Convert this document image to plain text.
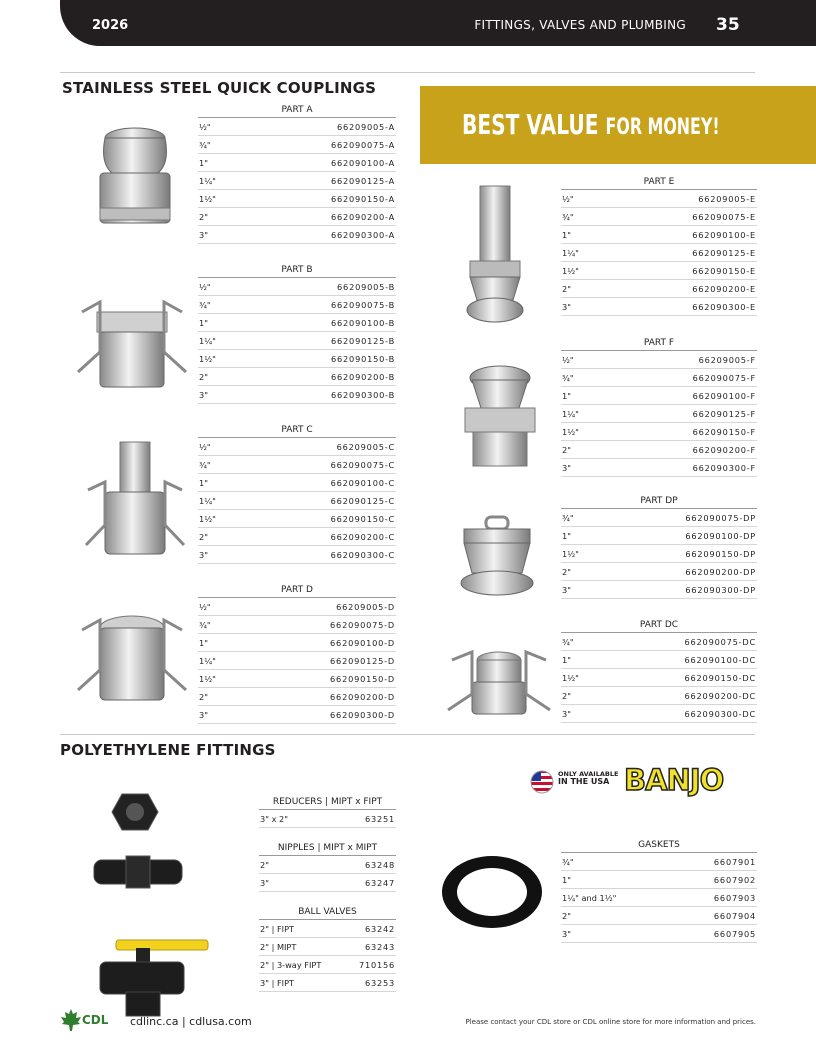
2026	FITTINGS, VALVES AND PLUMBING 35
STAINLESS STEEL QUICK COUPLINGS
BEST VALUE FOR MONEY!
PART A
½"	66209005-A
¾"	662090075-A
1"	662090100-A
1¼"	662090125-A
1½"	662090150-A
2"	662090200-A
3"	662090300-A
PART B
½"	66209005-B
¾"	662090075-B
1"	662090100-B
1¼"	662090125-B
1½"	662090150-B
2"	662090200-B
3"	662090300-B
PART C
½"	66209005-C
¾"	662090075-C
1"	662090100-C
1¼"	662090125-C
1½"	662090150-C
2"	662090200-C
3"	662090300-C
PART D
½"	66209005-D
¾"	662090075-D
1"	662090100-D
1¼"	662090125-D
1½"	662090150-D
2"	662090200-D
3"	662090300-D
PART E
½"	66209005-E
¾"	662090075-E
1"	662090100-E
1¼"	662090125-E
1½"	662090150-E
2"	662090200-E
3"	662090300-E
PART F
½"	66209005-F
¾"	662090075-F
1"	662090100-F
1¼"	662090125-F
1½"	662090150-F
2"	662090200-F
3"	662090300-F
PART DP
¾"	662090075-DP
1"	662090100-DP
1½"	662090150-DP
2"	662090200-DP
3"	662090300-DP
PART DC
¾"	662090075-DC
1"	662090100-DC
1½"	662090150-DC
2"	662090200-DC
3"	662090300-DC
POLYETHYLENE FITTINGS
REDUCERS | MIPT x FIPT
3" x 2"	63251
NIPPLES | MIPT x MIPT
2"	63248
3"	63247
BALL VALVES
2" | FIPT	63242
2" | MIPT	63243
2" | 3-way FIPT	710156
3" | FIPT	63253
GASKETS
¾"	6607901
1"	6607902
1¼" and 1½"	6607903
2"	6607904
3"	6607905
ONLY AVAILABLE
IN THE USA BANJO
CDL cdlinc.ca | cdlusa.com	Please contact your CDL store or CDL online store for more information and prices.
